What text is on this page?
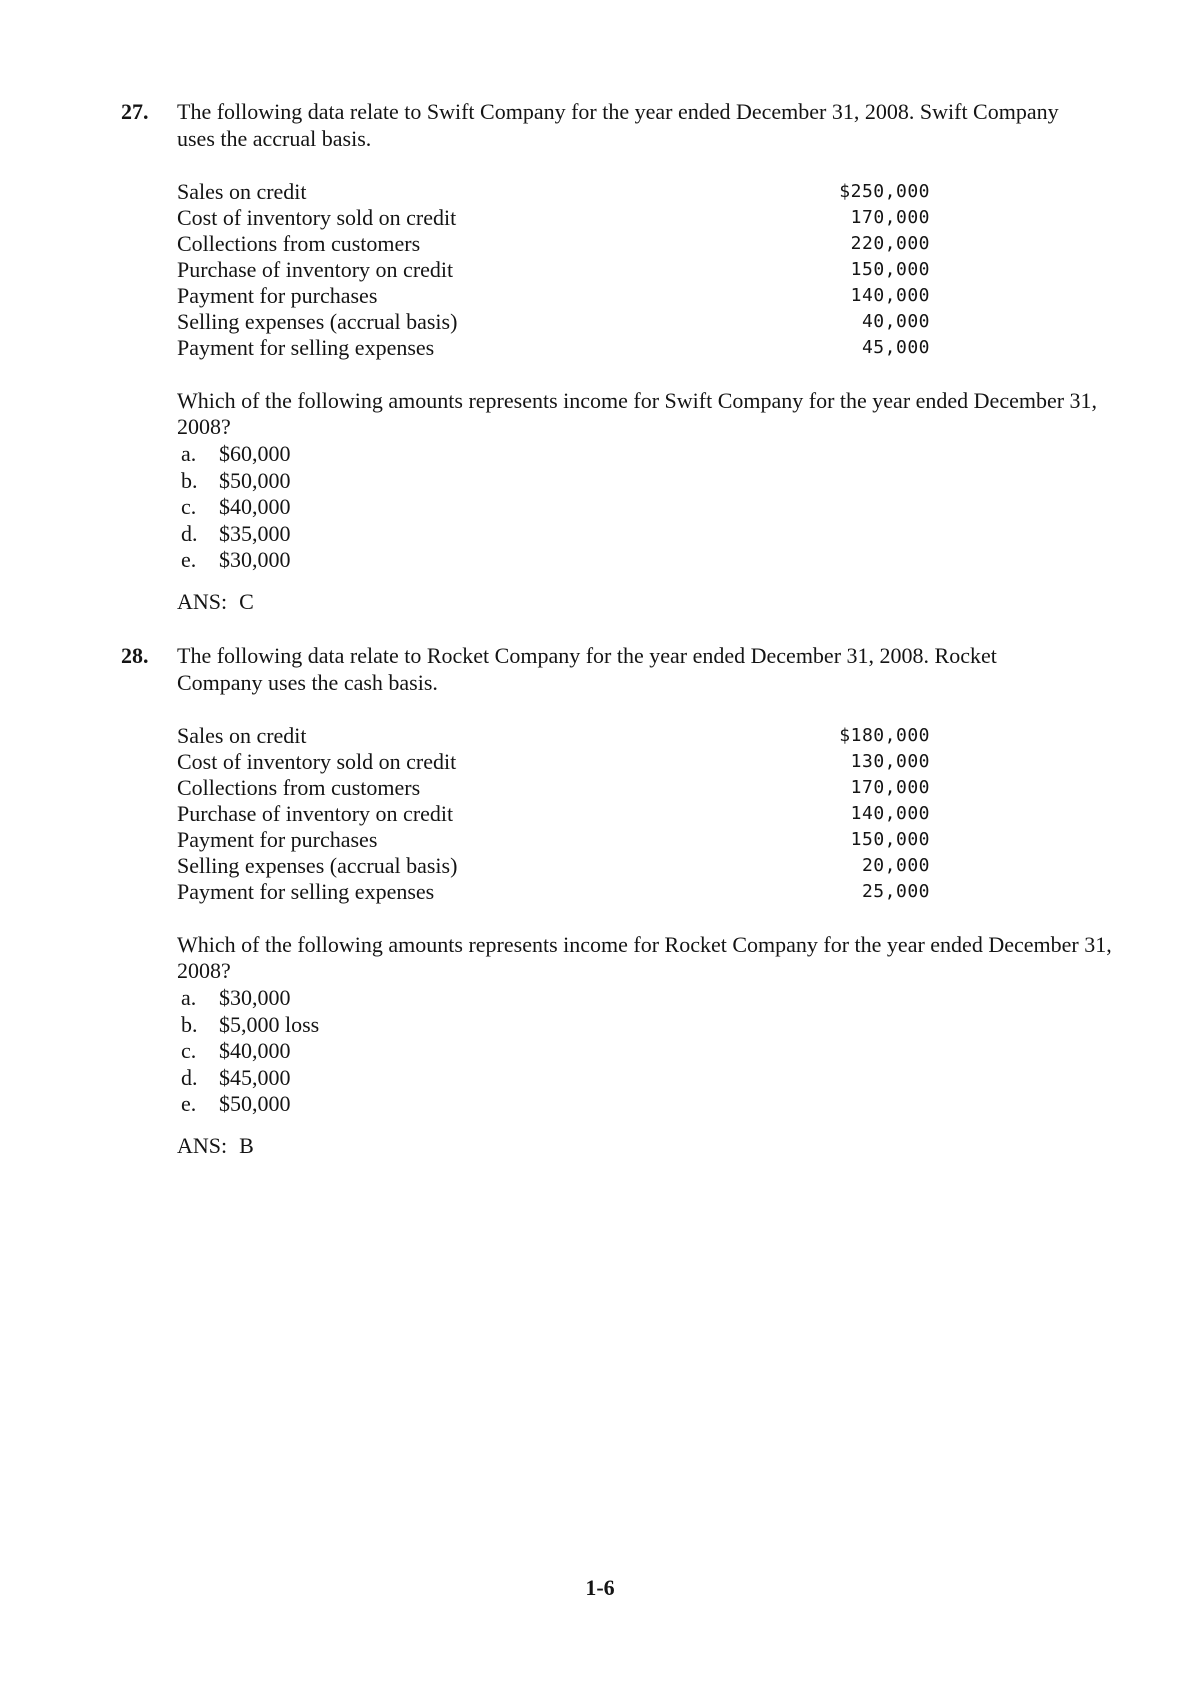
27.	The following data relate to Swift Company for the year ended December 31, 2008. Swift Company uses the accrual basis.
Sales on credit	$250,000
Cost of inventory sold on credit	170,000
Collections from customers	220,000
Purchase of inventory on credit	150,000
Payment for purchases	140,000
Selling expenses (accrual basis)	40,000
Payment for selling expenses	45,000
Which of the following amounts represents income for Swift Company for the year ended December 31, 2008?
a.	$60,000
b. $50,000
c.	$40,000
d. $35,000
e.	$30,000
ANS: C
28.	The following data relate to Rocket Company for the year ended December 31, 2008. Rocket Company uses the cash basis.
Sales on credit	$180,000
Cost of inventory sold on credit	130,000
Collections from customers	170,000
Purchase of inventory on credit	140,000
Payment for purchases	150,000
Selling expenses (accrual basis)	20,000
Payment for selling expenses	25,000
Which of the following amounts represents income for Rocket Company for the year ended December 31, 2008?
a.	$30,000
b. $5,000 loss
c.	$40,000
d. $45,000
e.	$50,000
ANS: B
1-6
